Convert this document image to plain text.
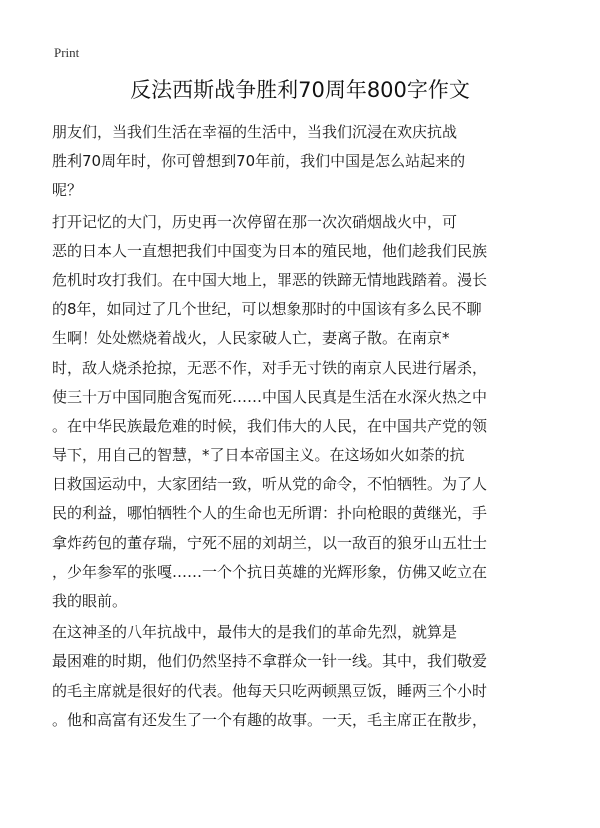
Print
反法西斯战争胜利70周年800字作文
朋友们，当我们生活在幸福的生活中，当我们沉浸在欢庆抗战
胜利70周年时，你可曾想到70年前，我们中国是怎么站起来的
呢？
打开记忆的大门，历史再一次停留在那一次次硝烟战火中，可
恶的日本人一直想把我们中国变为日本的殖民地，他们趁我们民族
危机时攻打我们。在中国大地上，罪恶的铁蹄无情地践踏着。漫长
的8年，如同过了几个世纪，可以想象那时的中国该有多么民不聊
生啊！处处燃烧着战火，人民家破人亡，妻离子散。在南京*
时，敌人烧杀抢掠，无恶不作，对手无寸铁的南京人民进行屠杀，
使三十万中国同胞含冤而死……中国人民真是生活在水深火热之中
。在中华民族最危难的时候，我们伟大的人民，在中国共产党的领
导下，用自己的智慧，*了日本帝国主义。在这场如火如荼的抗
日救国运动中，大家团结一致，听从党的命令，不怕牺牲。为了人
民的利益，哪怕牺牲个人的生命也无所谓：扑向枪眼的黄继光，手
拿炸药包的董存瑞，宁死不屈的刘胡兰，以一敌百的狼牙山五壮士
，少年参军的张嘎……一个个抗日英雄的光辉形象，仿佛又屹立在
我的眼前。
在这神圣的八年抗战中，最伟大的是我们的革命先烈，就算是
最困难的时期，他们仍然坚持不拿群众一针一线。其中，我们敬爱
的毛主席就是很好的代表。他每天只吃两顿黑豆饭，睡两三个小时
。他和高富有还发生了一个有趣的故事。一天，毛主席正在散步，
